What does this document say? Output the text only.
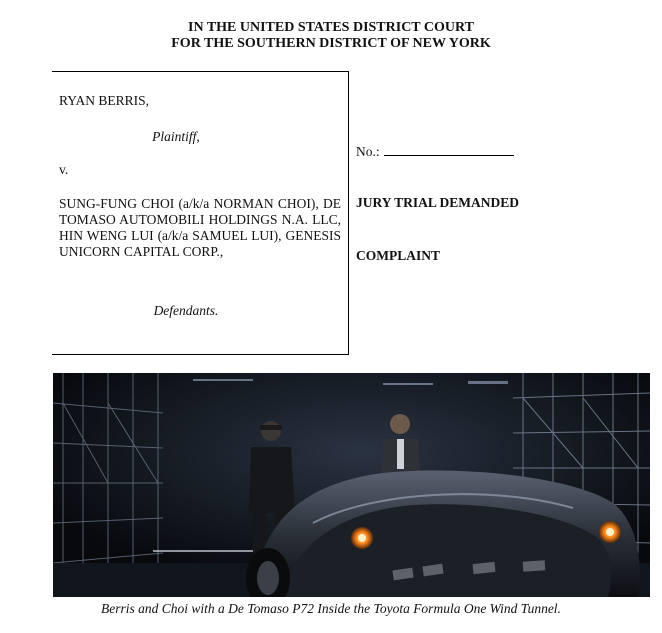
IN THE UNITED STATES DISTRICT COURT
FOR THE SOUTHERN DISTRICT OF NEW YORK
RYAN BERRIS,
Plaintiff,
v.
SUNG-FUNG CHOI (a/k/a NORMAN CHOI), DE TOMASO AUTOMOBILI HOLDINGS N.A. LLC, HIN WENG LUI (a/k/a SAMUEL LUI), GENESIS UNICORN CAPITAL CORP.,
Defendants.
No.:
JURY TRIAL DEMANDED
COMPLAINT
Berris and Choi with a De Tomaso P72 Inside the Toyota Formula One Wind Tunnel.
